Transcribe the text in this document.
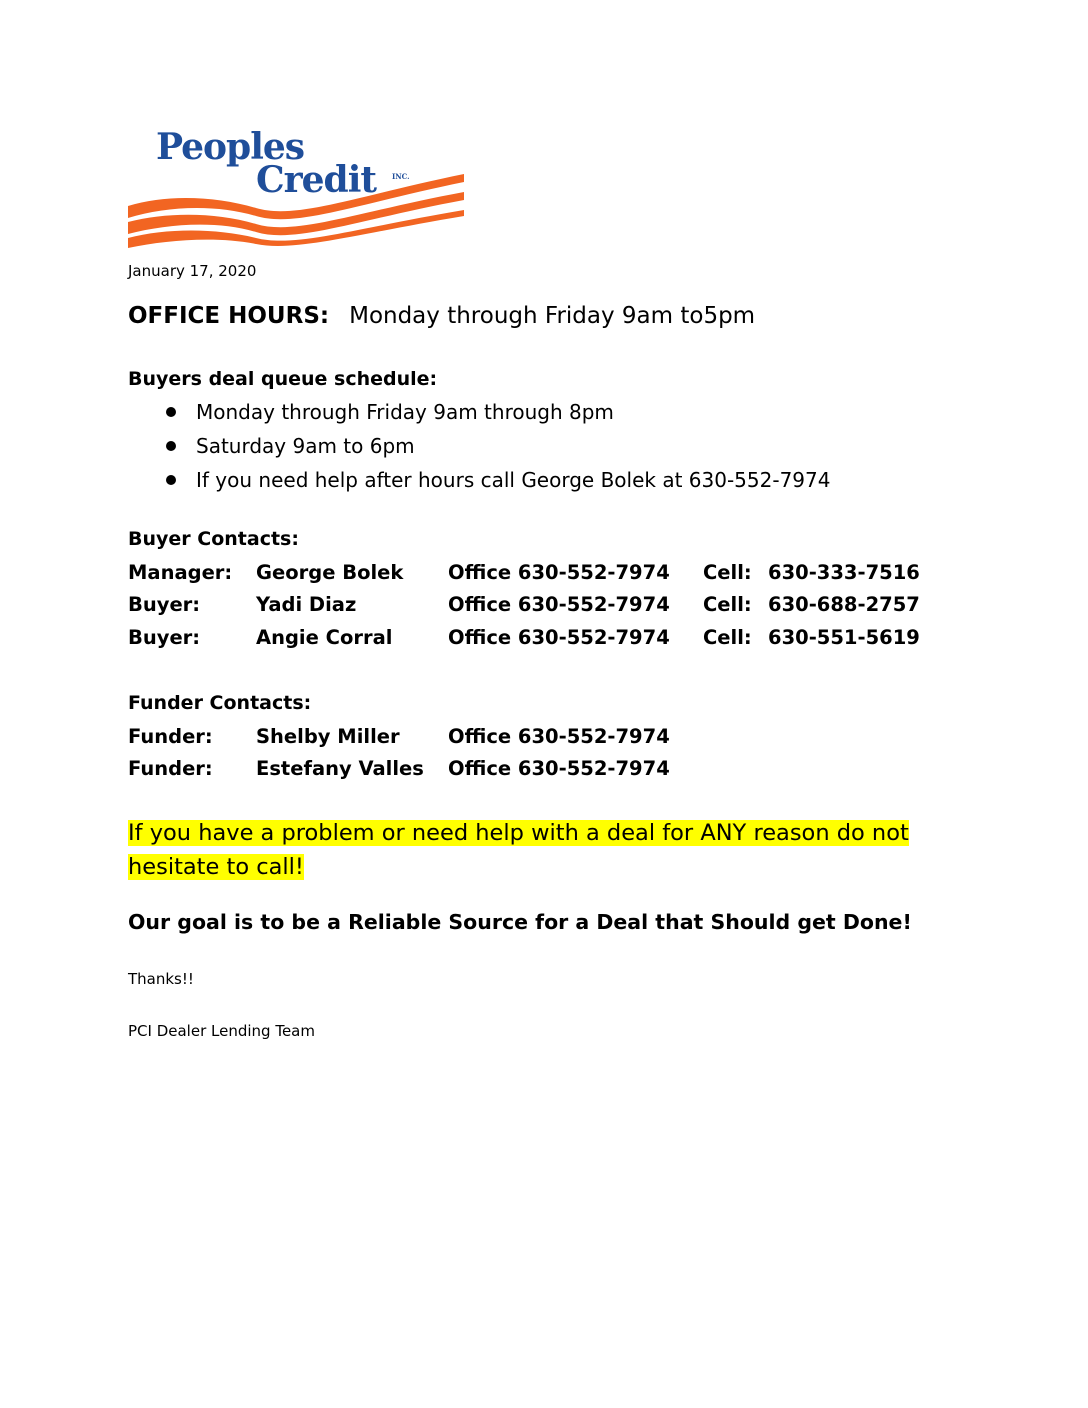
Peoples
Credit INC.
January 17, 2020
OFFICE HOURS: Monday through Friday 9am to5pm
Buyers deal queue schedule:
Monday through Friday 9am through 8pm
Saturday 9am to 6pm
If you need help after hours call George Bolek at 630-552-7974
Buyer Contacts:
Manager:	George Bolek	Office 630-552-7974	Cell:	630-333-7516
Buyer:	Yadi Diaz	Office 630-552-7974	Cell:	630-688-2757
Buyer:	Angie Corral	Office 630-552-7974	Cell:	630-551-5619
Funder Contacts:
Funder:	Shelby Miller	Office 630-552-7974
Funder:	Estefany Valles	Office 630-552-7974
If you have a problem or need help with a deal for ANY reason do not hesitate to call!
Our goal is to be a Reliable Source for a Deal that Should get Done!
Thanks!!
PCI Dealer Lending Team
